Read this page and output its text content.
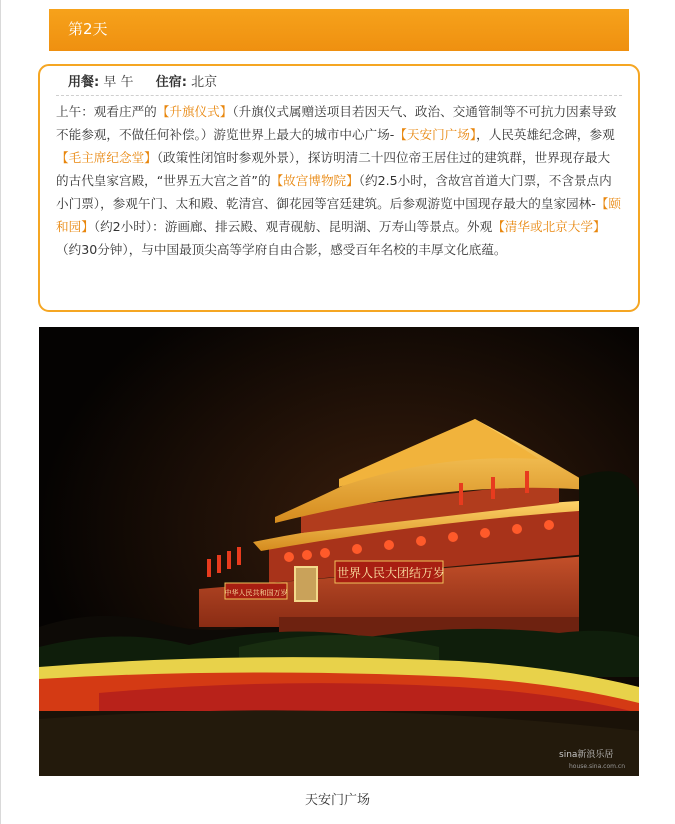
第2天
用餐: 早 午 住宿: 北京

上午：观看庄严的【升旗仪式】（升旗仪式属赠送项目若因天气、政治、交通管制等不可抗力因素导致不能参观，不做任何补偿。）游览世界上最大的城市中心广场-【天安门广场】，人民英雄纪念碑，参观【毛主席纪念堂】（政策性闭馆时参观外景），探访明清二十四位帝王居住过的建筑群，世界现存最大的古代皇家宫殿，“世界五大宫之首”的【故宫博物院】（约2.5小时，含故宫首道大门票，不含景点内小门票），参观午门、太和殿、乾清宫、御花园等宫廷建筑。后参观游览中国现存最大的皇家园林-【颐和园】（约2小时）：游画廊、排云殿、观青砚舫、昆明湖、万寿山等景点。外观【清华或北京大学】（约30分钟），与中国最顶尖高等学府自由合影，感受百年名校的丰厚文化底蕴。

世界人民大团结万岁
中华人民共和国万岁
sina新浪乐居
house.sina.com.cn
天安门广场
